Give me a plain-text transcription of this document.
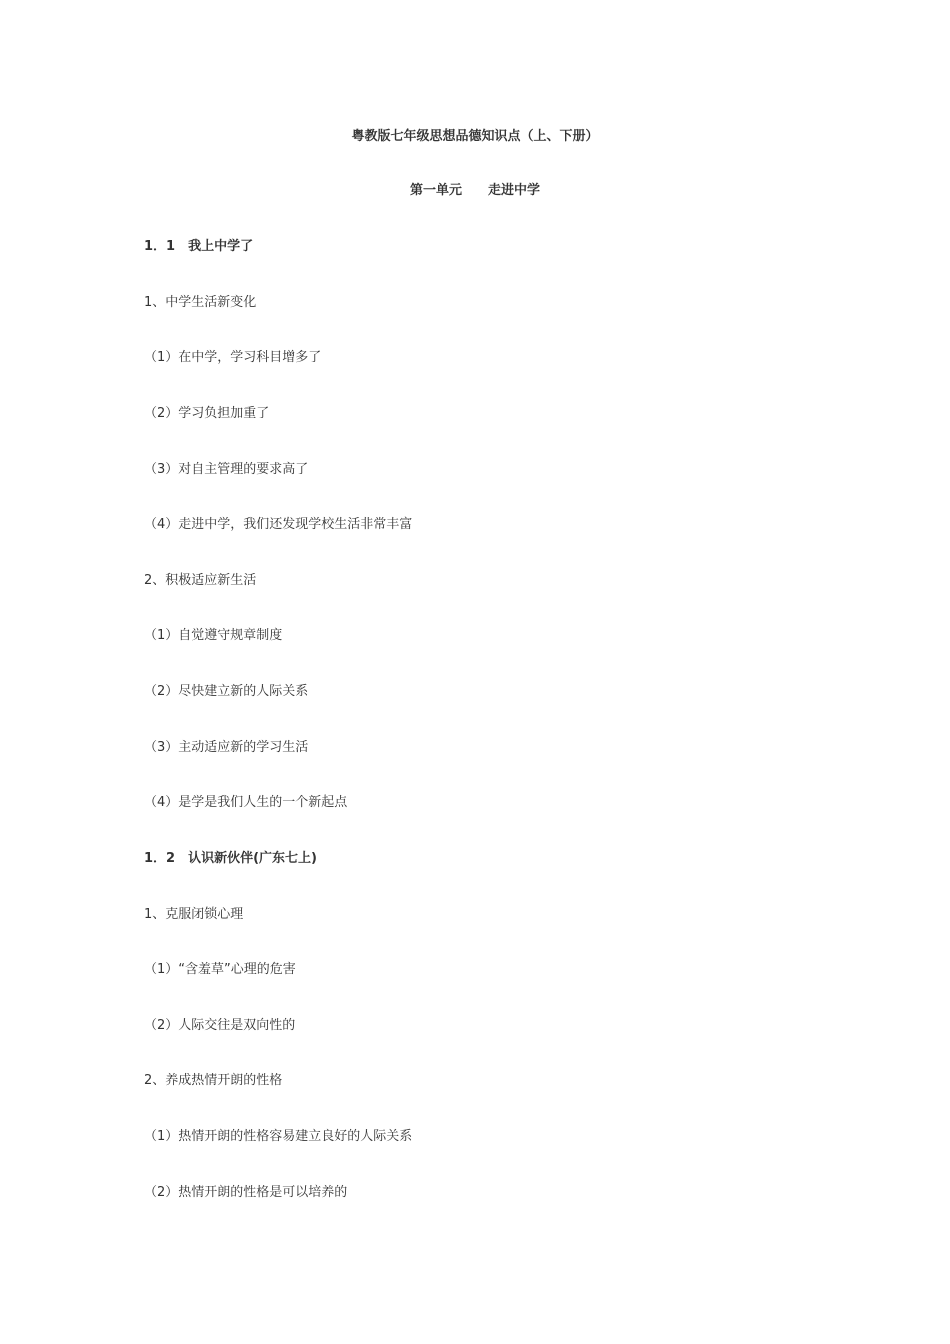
粤教版七年级思想品德知识点（上、下册）
第一单元　　走进中学
1．1　我上中学了
1、中学生活新变化
（1）在中学，学习科目增多了
（2）学习负担加重了
（3）对自主管理的要求高了
（4）走进中学，我们还发现学校生活非常丰富
2、积极适应新生活
（1）自觉遵守规章制度
（2）尽快建立新的人际关系
（3）主动适应新的学习生活
（4）是学是我们人生的一个新起点
1．2　认识新伙伴(广东七上)
1、克服闭锁心理
（1）“含羞草”心理的危害
（2）人际交往是双向性的
2、养成热情开朗的性格
（1）热情开朗的性格容易建立良好的人际关系
（2）热情开朗的性格是可以培养的
